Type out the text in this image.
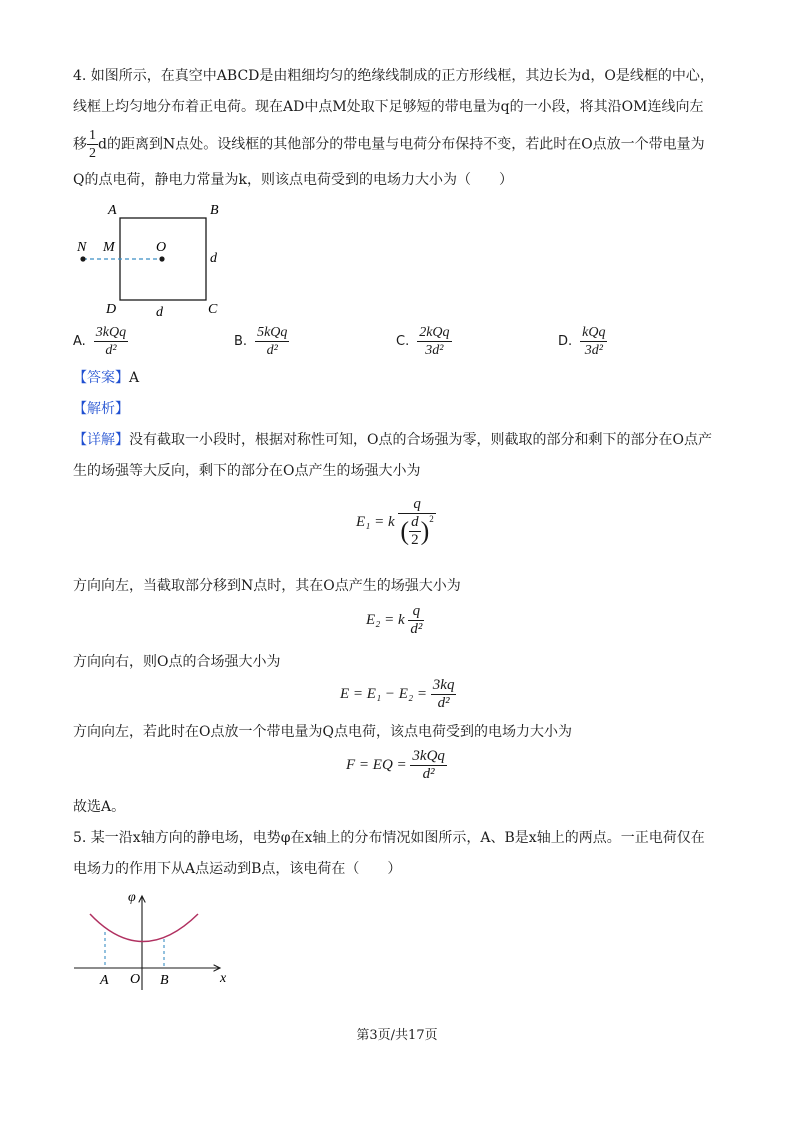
4. 如图所示，在真空中ABCD是由粗细均匀的绝缘线制成的正方形线框，其边长为d，O是线框的中心，
线框上均匀地分布着正电荷。现在AD中点M处取下足够短的带电量为q的一小段，将其沿OM连线向左
移 $\frac{1}{2}$ d的距离到N点处。设线框的其他部分的带电量与电荷分布保持不变，若此时在O点放一个带电量为
Q的点电荷，静电力常量为k，则该点电荷受到的电场力大小为（　　）
A	B
C
D
N M	O
d
d
A. $\frac{\text{3kQq}}{\text{d²}}$	B. $\frac{\text{5kQq}}{\text{d²}}$	C. $\frac{\text{2kQq}}{\text{3d²}}$	D. $\frac{\text{kQq}}{\text{3d²}}$
【答案】A
【解析】
【详解】没有截取一小段时，根据对称性可知，O点的合场强为零，则截取的部分和剩下的部分在O点产
生的场强等大反向，剩下的部分在O点产生的场强大小为
E₁ = k $\frac{q}{( \frac{d}{2} )^2}$
方向向左，当截取部分移到N点时，其在O点产生的场强大小为
E₂ = k $\frac{q}{\text{d²}}$
方向向右，则O点的合场强大小为
$E = E_1 - E_2 = \frac{3kq}{\text{d²}}$
方向向左，若此时在O点放一个带电量为Q点电荷，该点电荷受到的电场力大小为
F = EQ = $\frac{\text{3kQq}}{\text{d²}}$
故选A。
5. 某一沿x轴方向的静电场，电势φ在x轴上的分布情况如图所示，A、B是x轴上的两点。一正电荷仅在
电场力的作用下从A点运动到B点，该电荷在（　　）
φ
x
O
A	B
第3页/共17页
